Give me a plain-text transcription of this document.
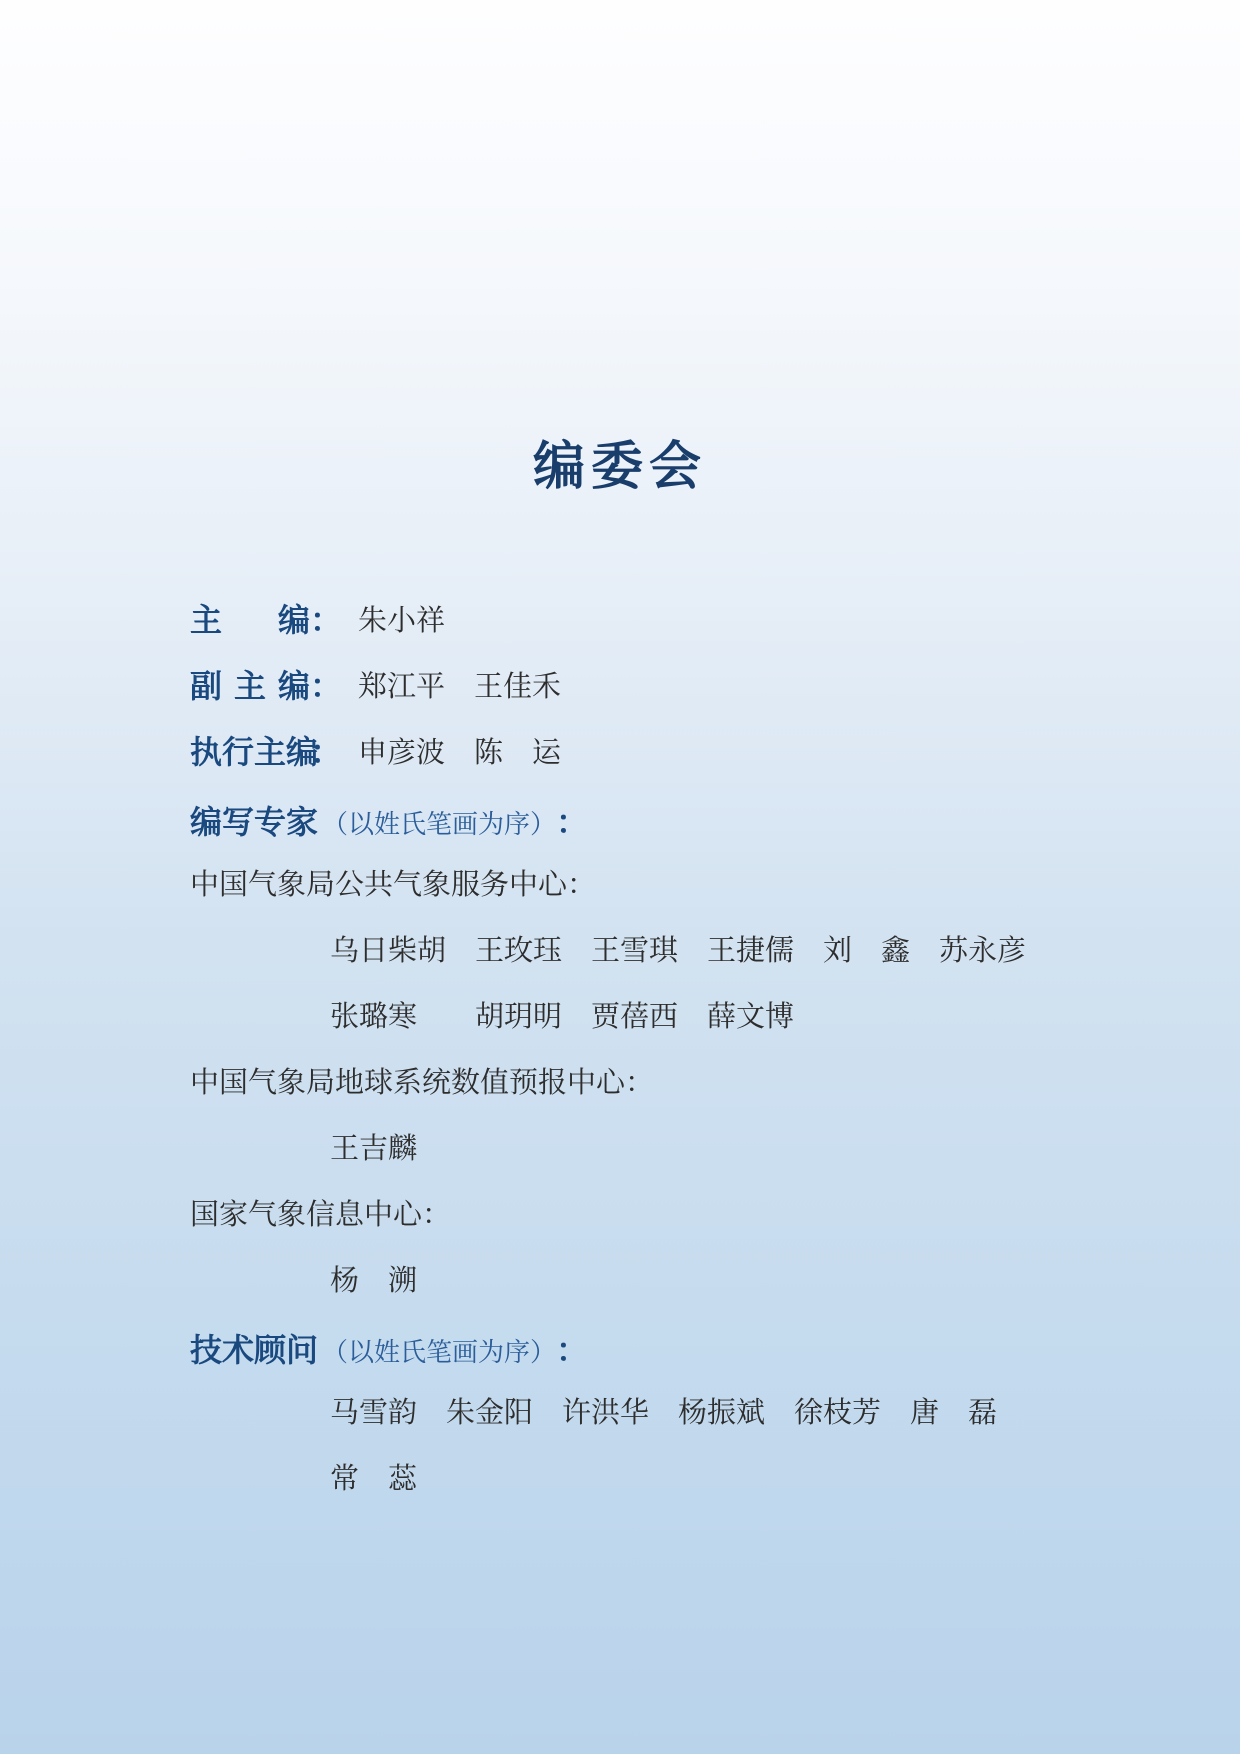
编委会
主编： 朱小祥
副主编： 郑江平　王佳禾
执行主编： 申彦波　陈　运
编写专家 （以姓氏笔画为序） ：
中国气象局公共气象服务中心：
乌日柴胡　王玫珏　王雪琪　王捷儒　刘　鑫　苏永彦
张璐寒　　胡玥明　贾蓓西　薛文博
中国气象局地球系统数值预报中心：
王吉麟
国家气象信息中心：
杨　溯
技术顾问 （以姓氏笔画为序） ：
马雪韵　朱金阳　许洪华　杨振斌　徐枝芳　唐　磊
常　蕊
